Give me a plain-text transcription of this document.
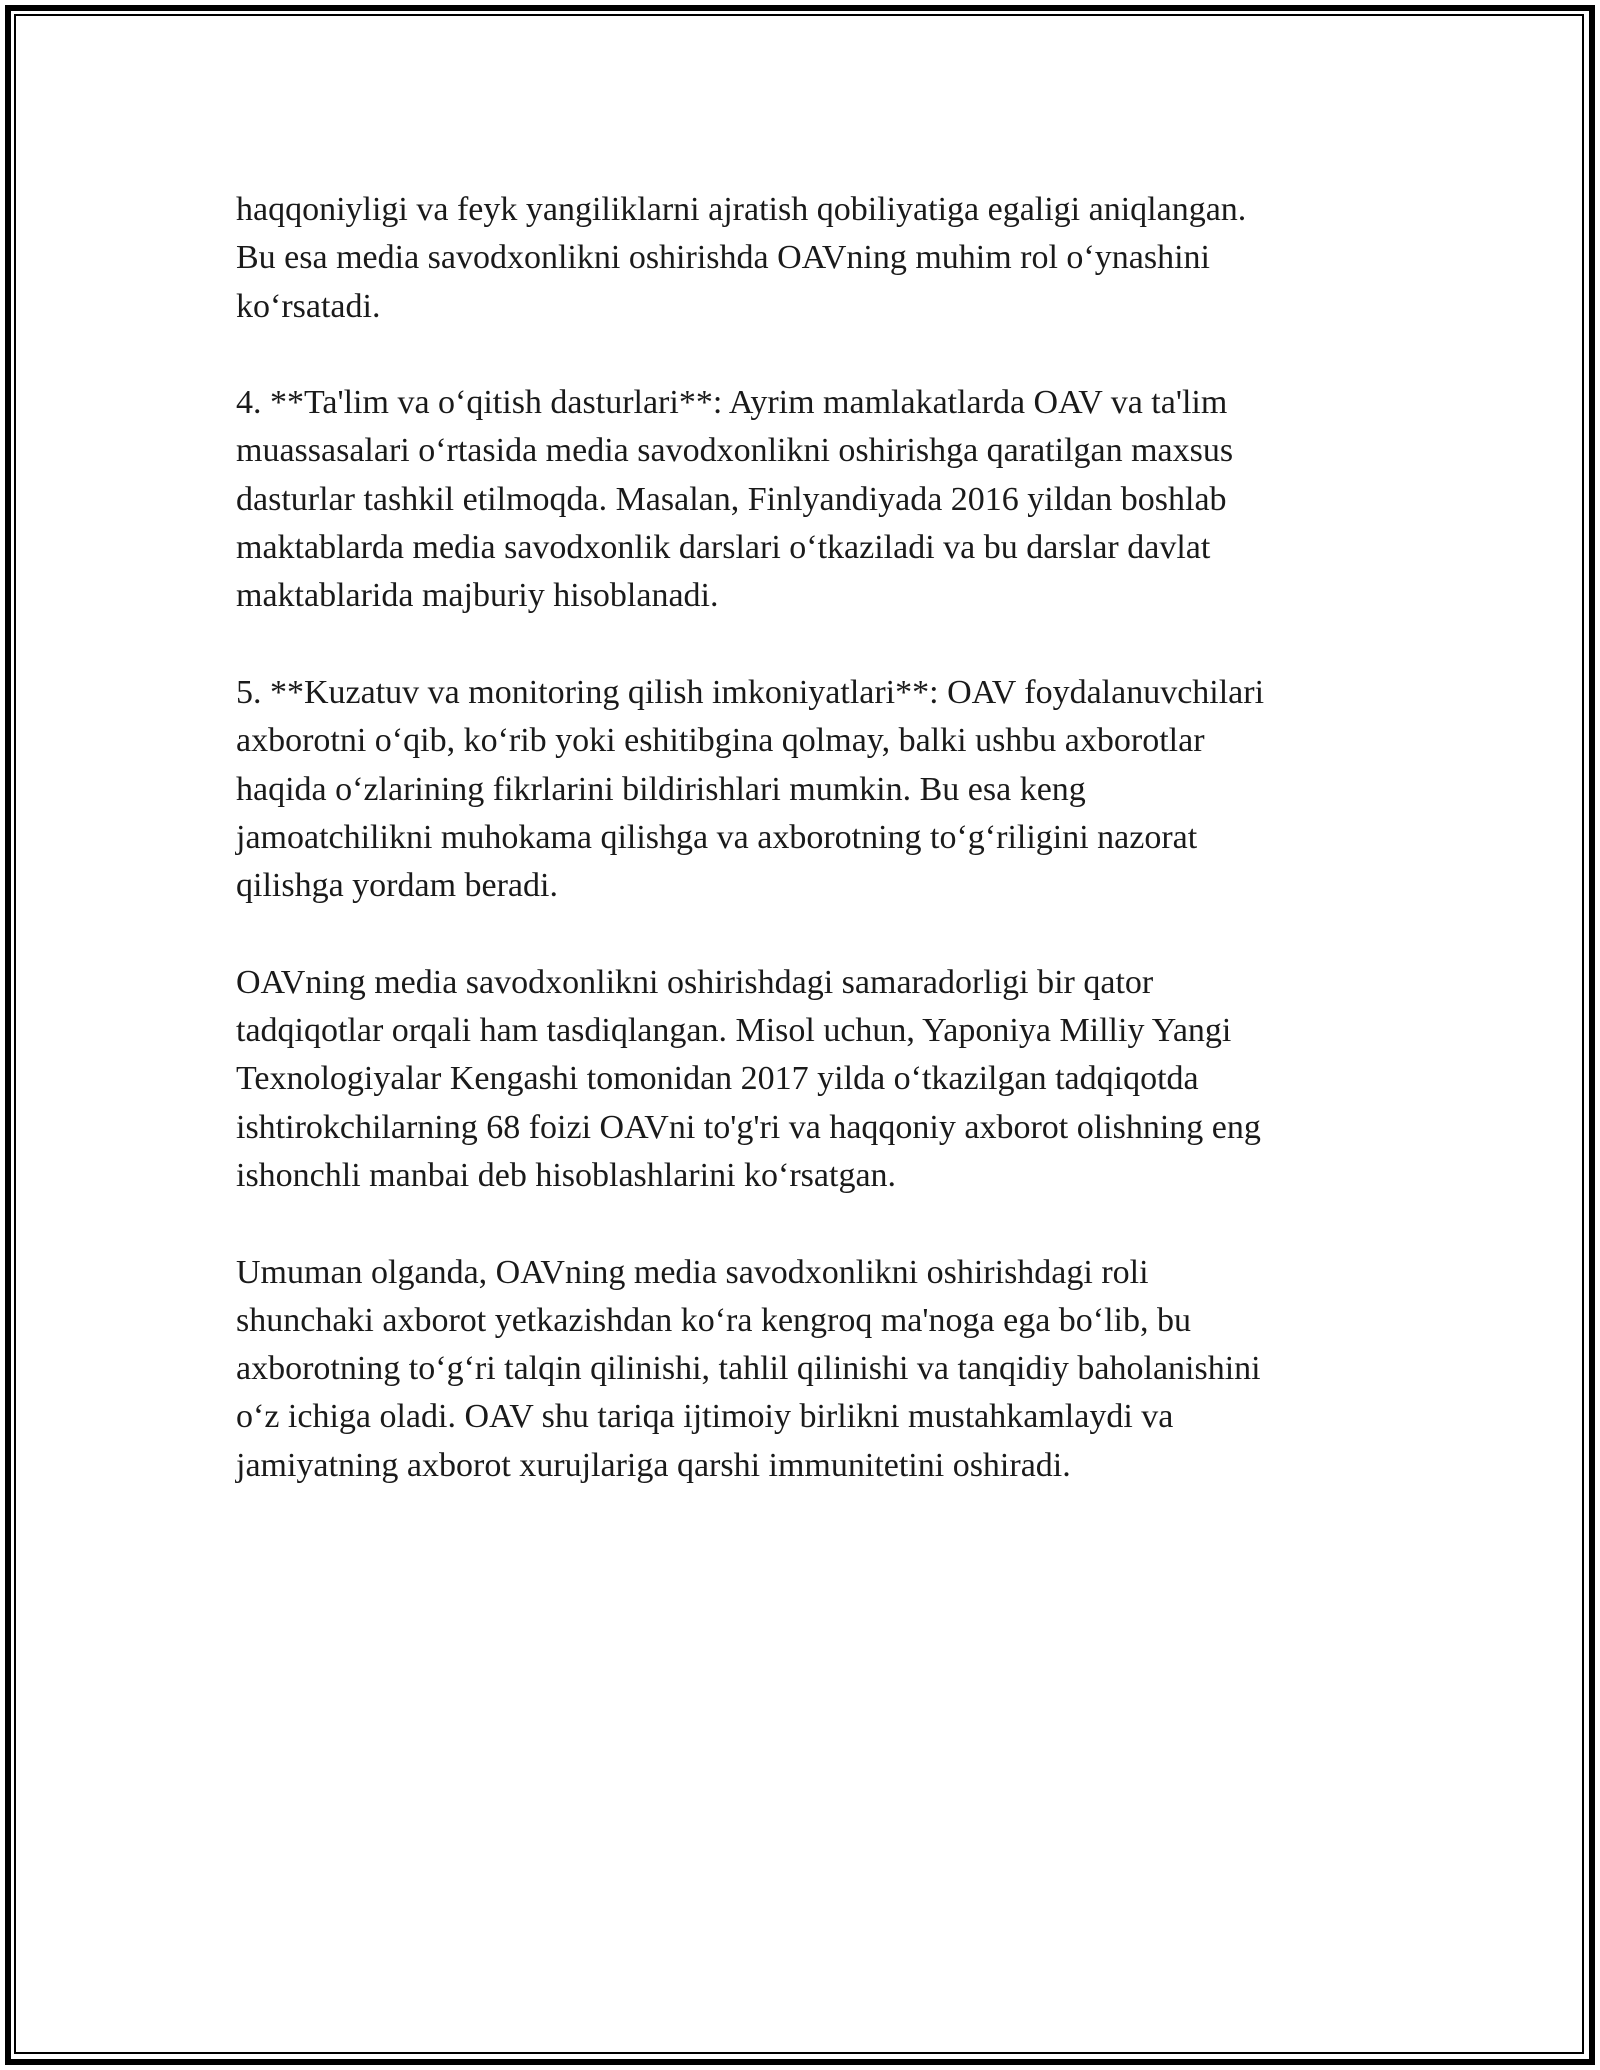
haqqoniyligi va feyk yangiliklarni ajratish qobiliyatiga egaligi aniqlangan.
Bu esa media savodxonlikni oshirishda OAVning muhim rol o‘ynashini
ko‘rsatadi.

4. **Ta'lim va o‘qitish dasturlari**: Ayrim mamlakatlarda OAV va ta'lim
muassasalari o‘rtasida media savodxonlikni oshirishga qaratilgan maxsus
dasturlar tashkil etilmoqda. Masalan, Finlyandiyada 2016 yildan boshlab
maktablarda media savodxonlik darslari o‘tkaziladi va bu darslar davlat
maktablarida majburiy hisoblanadi.

5. **Kuzatuv va monitoring qilish imkoniyatlari**: OAV foydalanuvchilari
axborotni o‘qib, ko‘rib yoki eshitibgina qolmay, balki ushbu axborotlar
haqida o‘zlarining fikrlarini bildirishlari mumkin. Bu esa keng
jamoatchilikni muhokama qilishga va axborotning to‘g‘riligini nazorat
qilishga yordam beradi.

OAVning media savodxonlikni oshirishdagi samaradorligi bir qator
tadqiqotlar orqali ham tasdiqlangan. Misol uchun, Yaponiya Milliy Yangi
Texnologiyalar Kengashi tomonidan 2017 yilda o‘tkazilgan tadqiqotda
ishtirokchilarning 68 foizi OAVni to'g'ri va haqqoniy axborot olishning eng
ishonchli manbai deb hisoblashlarini ko‘rsatgan.

Umuman olganda, OAVning media savodxonlikni oshirishdagi roli
shunchaki axborot yetkazishdan ko‘ra kengroq ma'noga ega bo‘lib, bu
axborotning to‘g‘ri talqin qilinishi, tahlil qilinishi va tanqidiy baholanishini
o‘z ichiga oladi. OAV shu tariqa ijtimoiy birlikni mustahkamlaydi va
jamiyatning axborot xurujlariga qarshi immunitetini oshiradi.
